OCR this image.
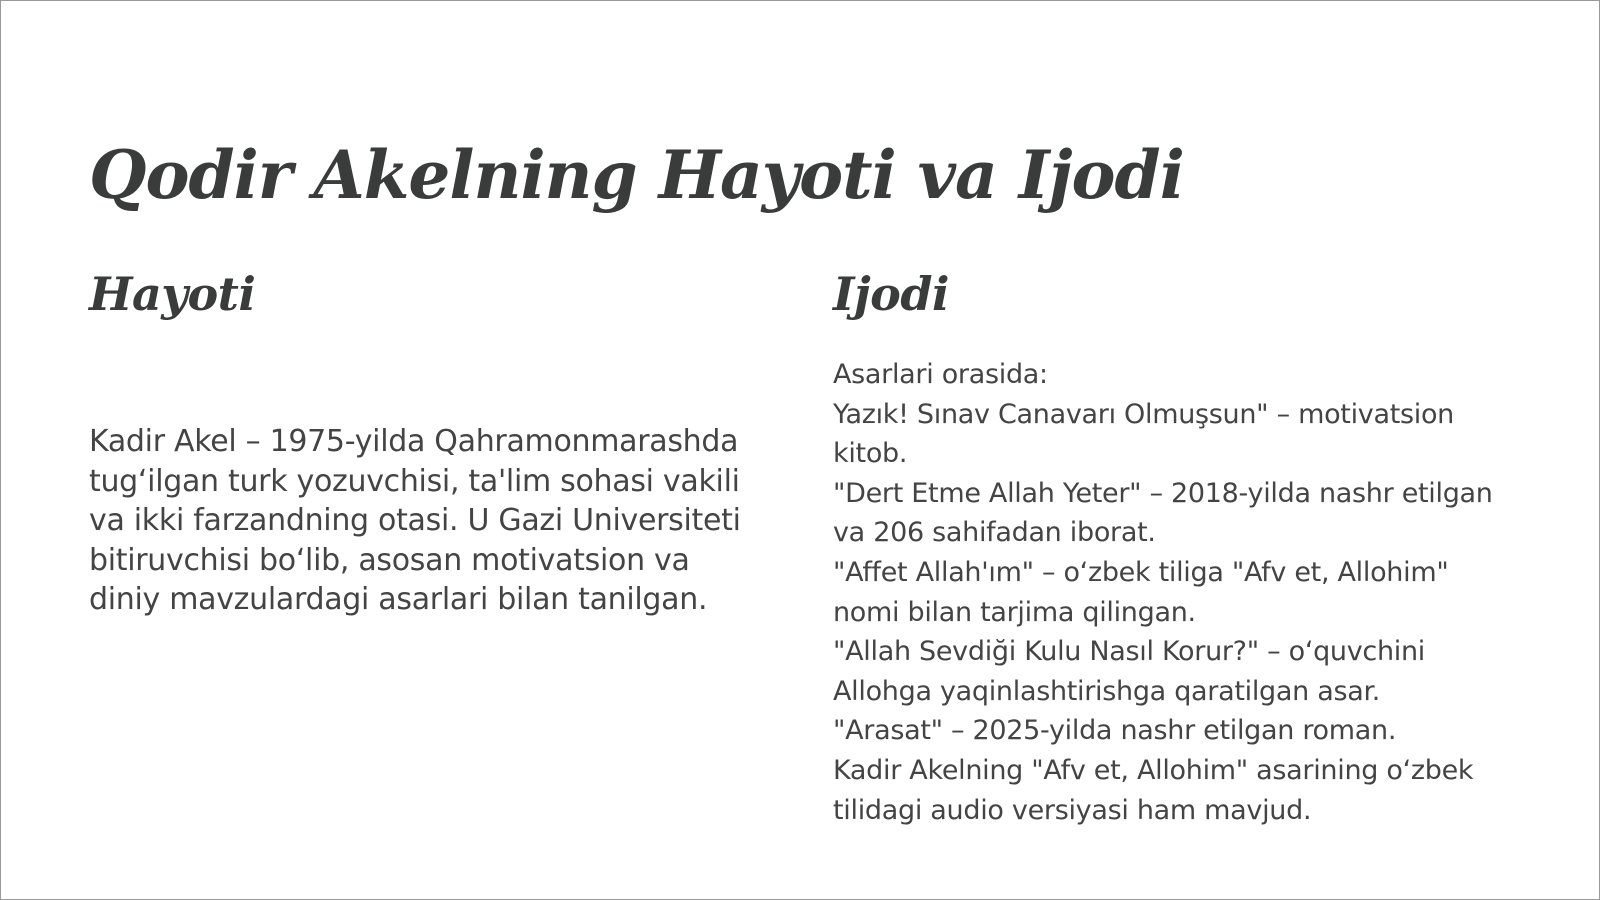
Qodir Akelning Hayoti va Ijodi
Hayoti

Kadir Akel – 1975-yilda Qahramonmarashda tug‘ilgan turk yozuvchisi, ta'lim sohasi vakili va ikki farzandning otasi. U Gazi Universiteti bitiruvchisi bo‘lib, asosan motivatsion va diniy mavzulardagi asarlari bilan tanilgan.

Ijodi
Asarlari orasida:
Yazık! Sınav Canavarı Olmuşsun" – motivatsion kitob.
"Dert Etme Allah Yeter" – 2018-yilda nashr etilgan va 206 sahifadan iborat.
"Affet Allah'ım" – o‘zbek tiliga "Afv et, Allohim" nomi bilan tarjima qilingan.
"Allah Sevdiği Kulu Nasıl Korur?" – o‘quvchini Allohga yaqinlashtirishga qaratilgan asar.
"Arasat" – 2025-yilda nashr etilgan roman.
Kadir Akelning "Afv et, Allohim" asarining o‘zbek tilidagi audio versiyasi ham mavjud.
